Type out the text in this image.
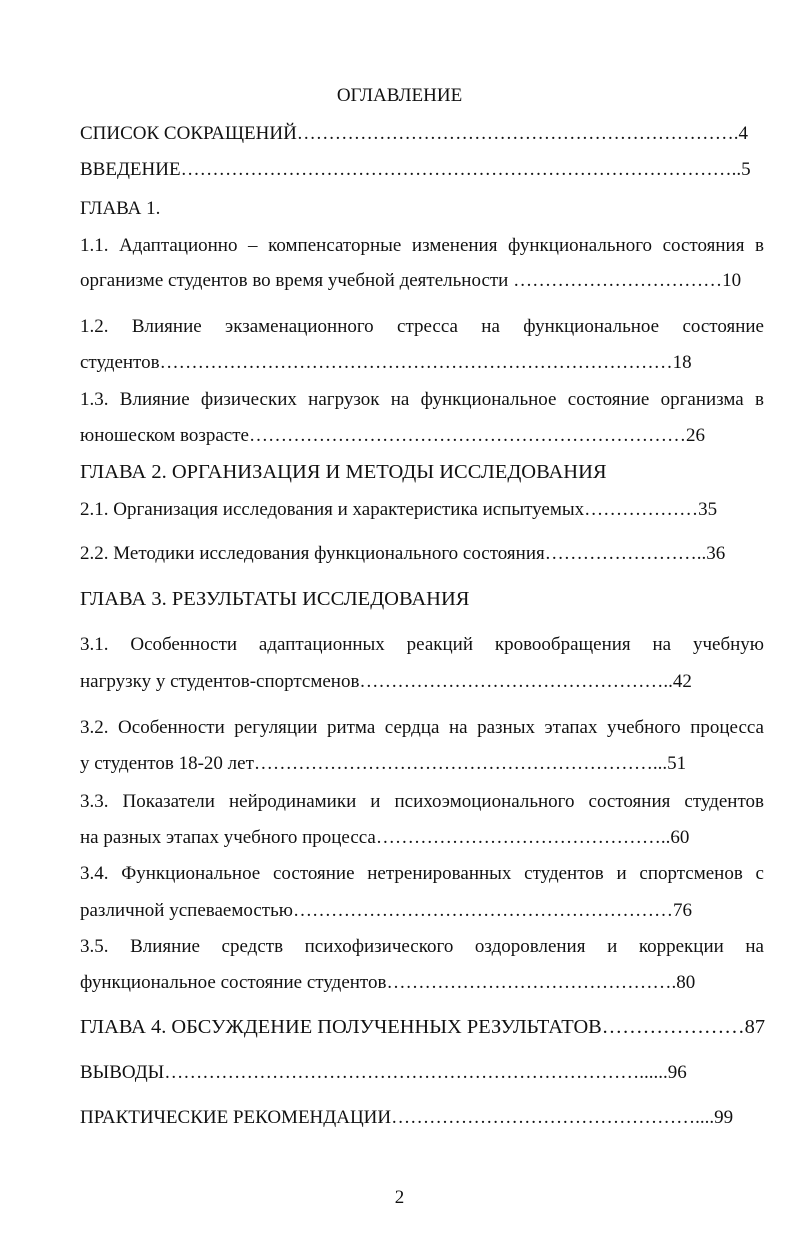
ОГЛАВЛЕНИЕ
СПИСОК СОКРАЩЕНИЙ…………………………………………………………….4
ВВЕДЕНИЕ……………………………………………………………………………..5
ГЛАВА 1.
1.1. Адаптационно – компенсаторные изменения функционального состояния в
организме студентов во время учебной деятельности ……………………………10
1.2. Влияние экзаменационного стресса на функциональное состояние
студентов………………………………………………………………………18
1.3. Влияние физических нагрузок на функциональное состояние организма в
юношеском возрасте……………………………………………………………26
ГЛАВА 2. ОРГАНИЗАЦИЯ И МЕТОДЫ ИССЛЕДОВАНИЯ
2.1. Организация исследования и характеристика испытуемых………………35
2.2. Методики исследования функционального состояния……………………..36
ГЛАВА 3. РЕЗУЛЬТАТЫ ИССЛЕДОВАНИЯ
3.1. Особенности адаптационных реакций кровообращения на учебную
нагрузку у студентов-спортсменов…………………………………………..42
3.2. Особенности регуляции ритма сердца на разных этапах учебного процесса
у студентов 18-20 лет………………………………………………………...51
3.3. Показатели нейродинамики и психоэмоционального состояния студентов
на разных этапах учебного процесса………………………………………..60
3.4. Функциональное состояние нетренированных студентов и спортсменов с
различной успеваемостью……………………………………………………76
3.5. Влияние средств психофизического оздоровления и коррекции на
функциональное состояние студентов……………………………………….80
ГЛАВА 4. ОБСУЖДЕНИЕ ПОЛУЧЕННЫХ РЕЗУЛЬТАТОВ…………………87
ВЫВОДЫ…………………………………………………………………......96
ПРАКТИЧЕСКИЕ РЕКОМЕНДАЦИИ…………………………………………....99
2
